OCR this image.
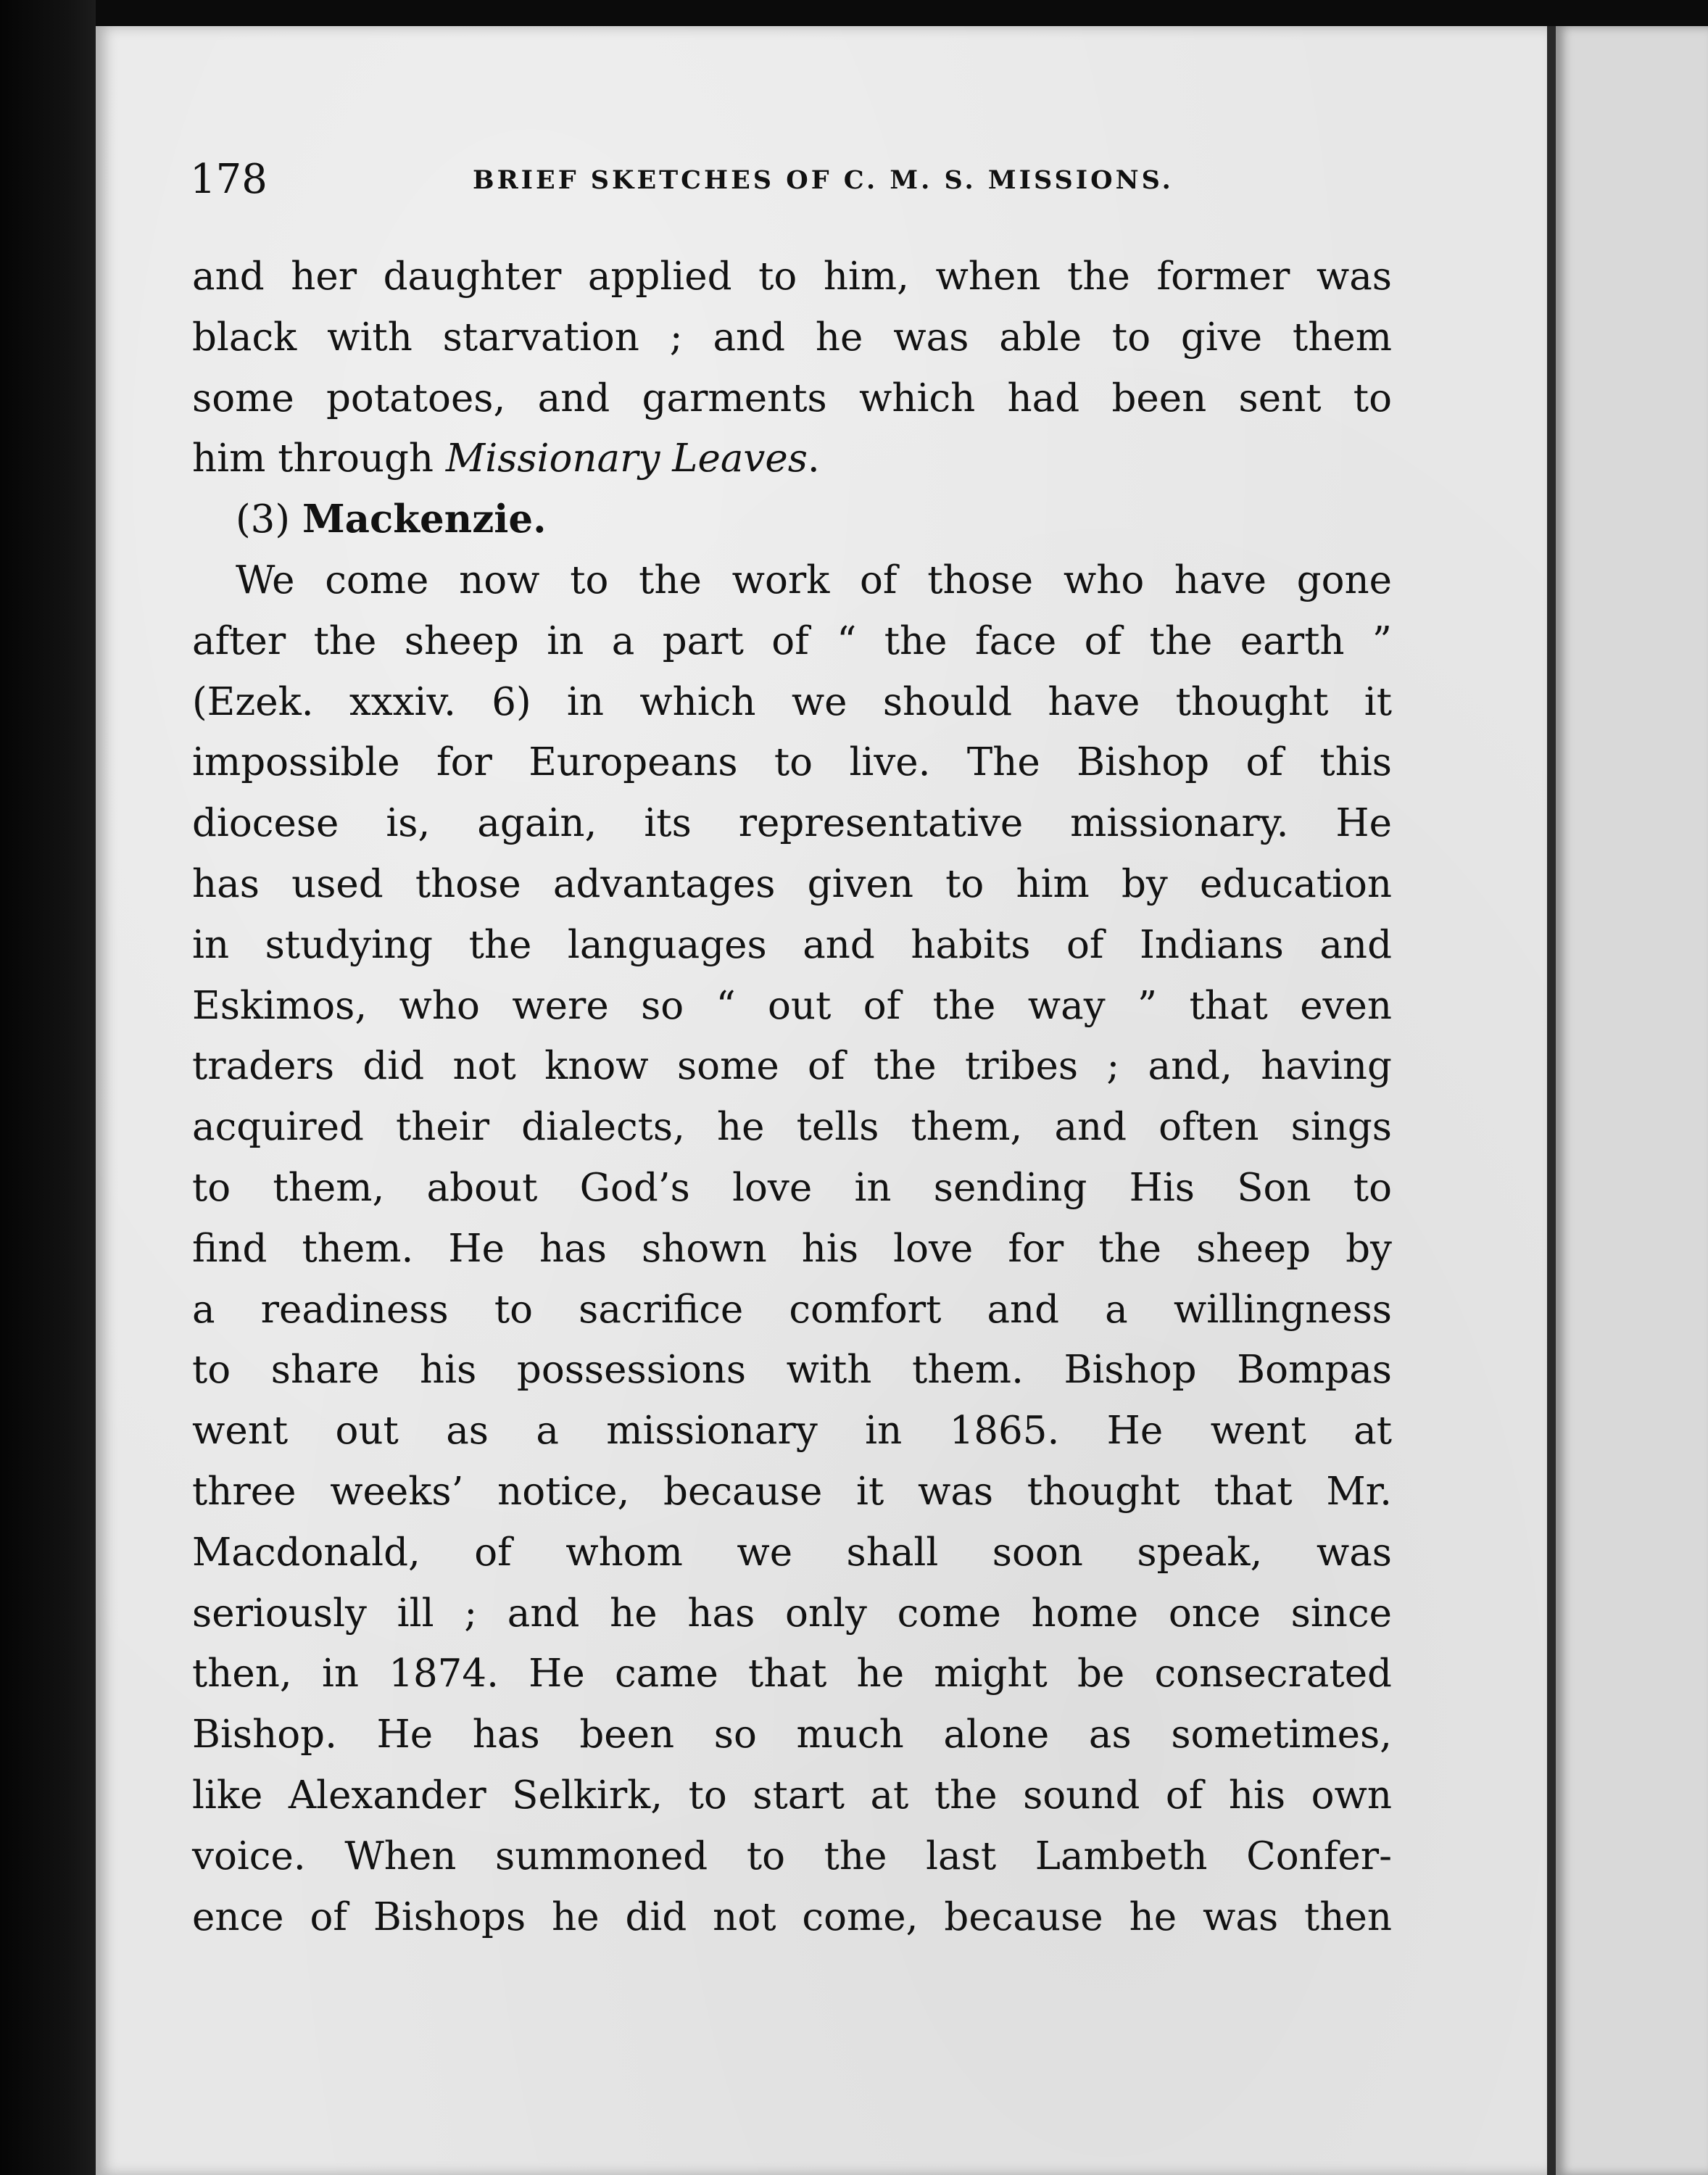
178	BRIEF SKETCHES OF C. M. S. MISSIONS.
and her daughter applied to him, when the former was
black with starvation ; and he was able to give them
some potatoes, and garments which had been sent to
him through Missionary Leaves.
(3) Mackenzie.
We come now to the work of those who have gone
after the sheep in a part of “ the face of the earth ”
(Ezek. xxxiv. 6) in which we should have thought it
impossible for Europeans to live. The Bishop of this
diocese is, again, its representative missionary. He
has used those advantages given to him by education
in studying the languages and habits of Indians and
Eskimos, who were so “ out of the way ” that even
traders did not know some of the tribes ; and, having
acquired their dialects, he tells them, and often sings
to them, about God’s love in sending His Son to
find them. He has shown his love for the sheep by
a readiness to sacrifice comfort and a willingness
to share his possessions with them. Bishop Bompas
went out as a missionary in 1865. He went at
three weeks’ notice, because it was thought that Mr.
Macdonald, of whom we shall soon speak, was
seriously ill ; and he has only come home once since
then, in 1874. He came that he might be consecrated
Bishop. He has been so much alone as sometimes,
like Alexander Selkirk, to start at the sound of his own
voice. When summoned to the last Lambeth Confer-
ence of Bishops he did not come, because he was then
